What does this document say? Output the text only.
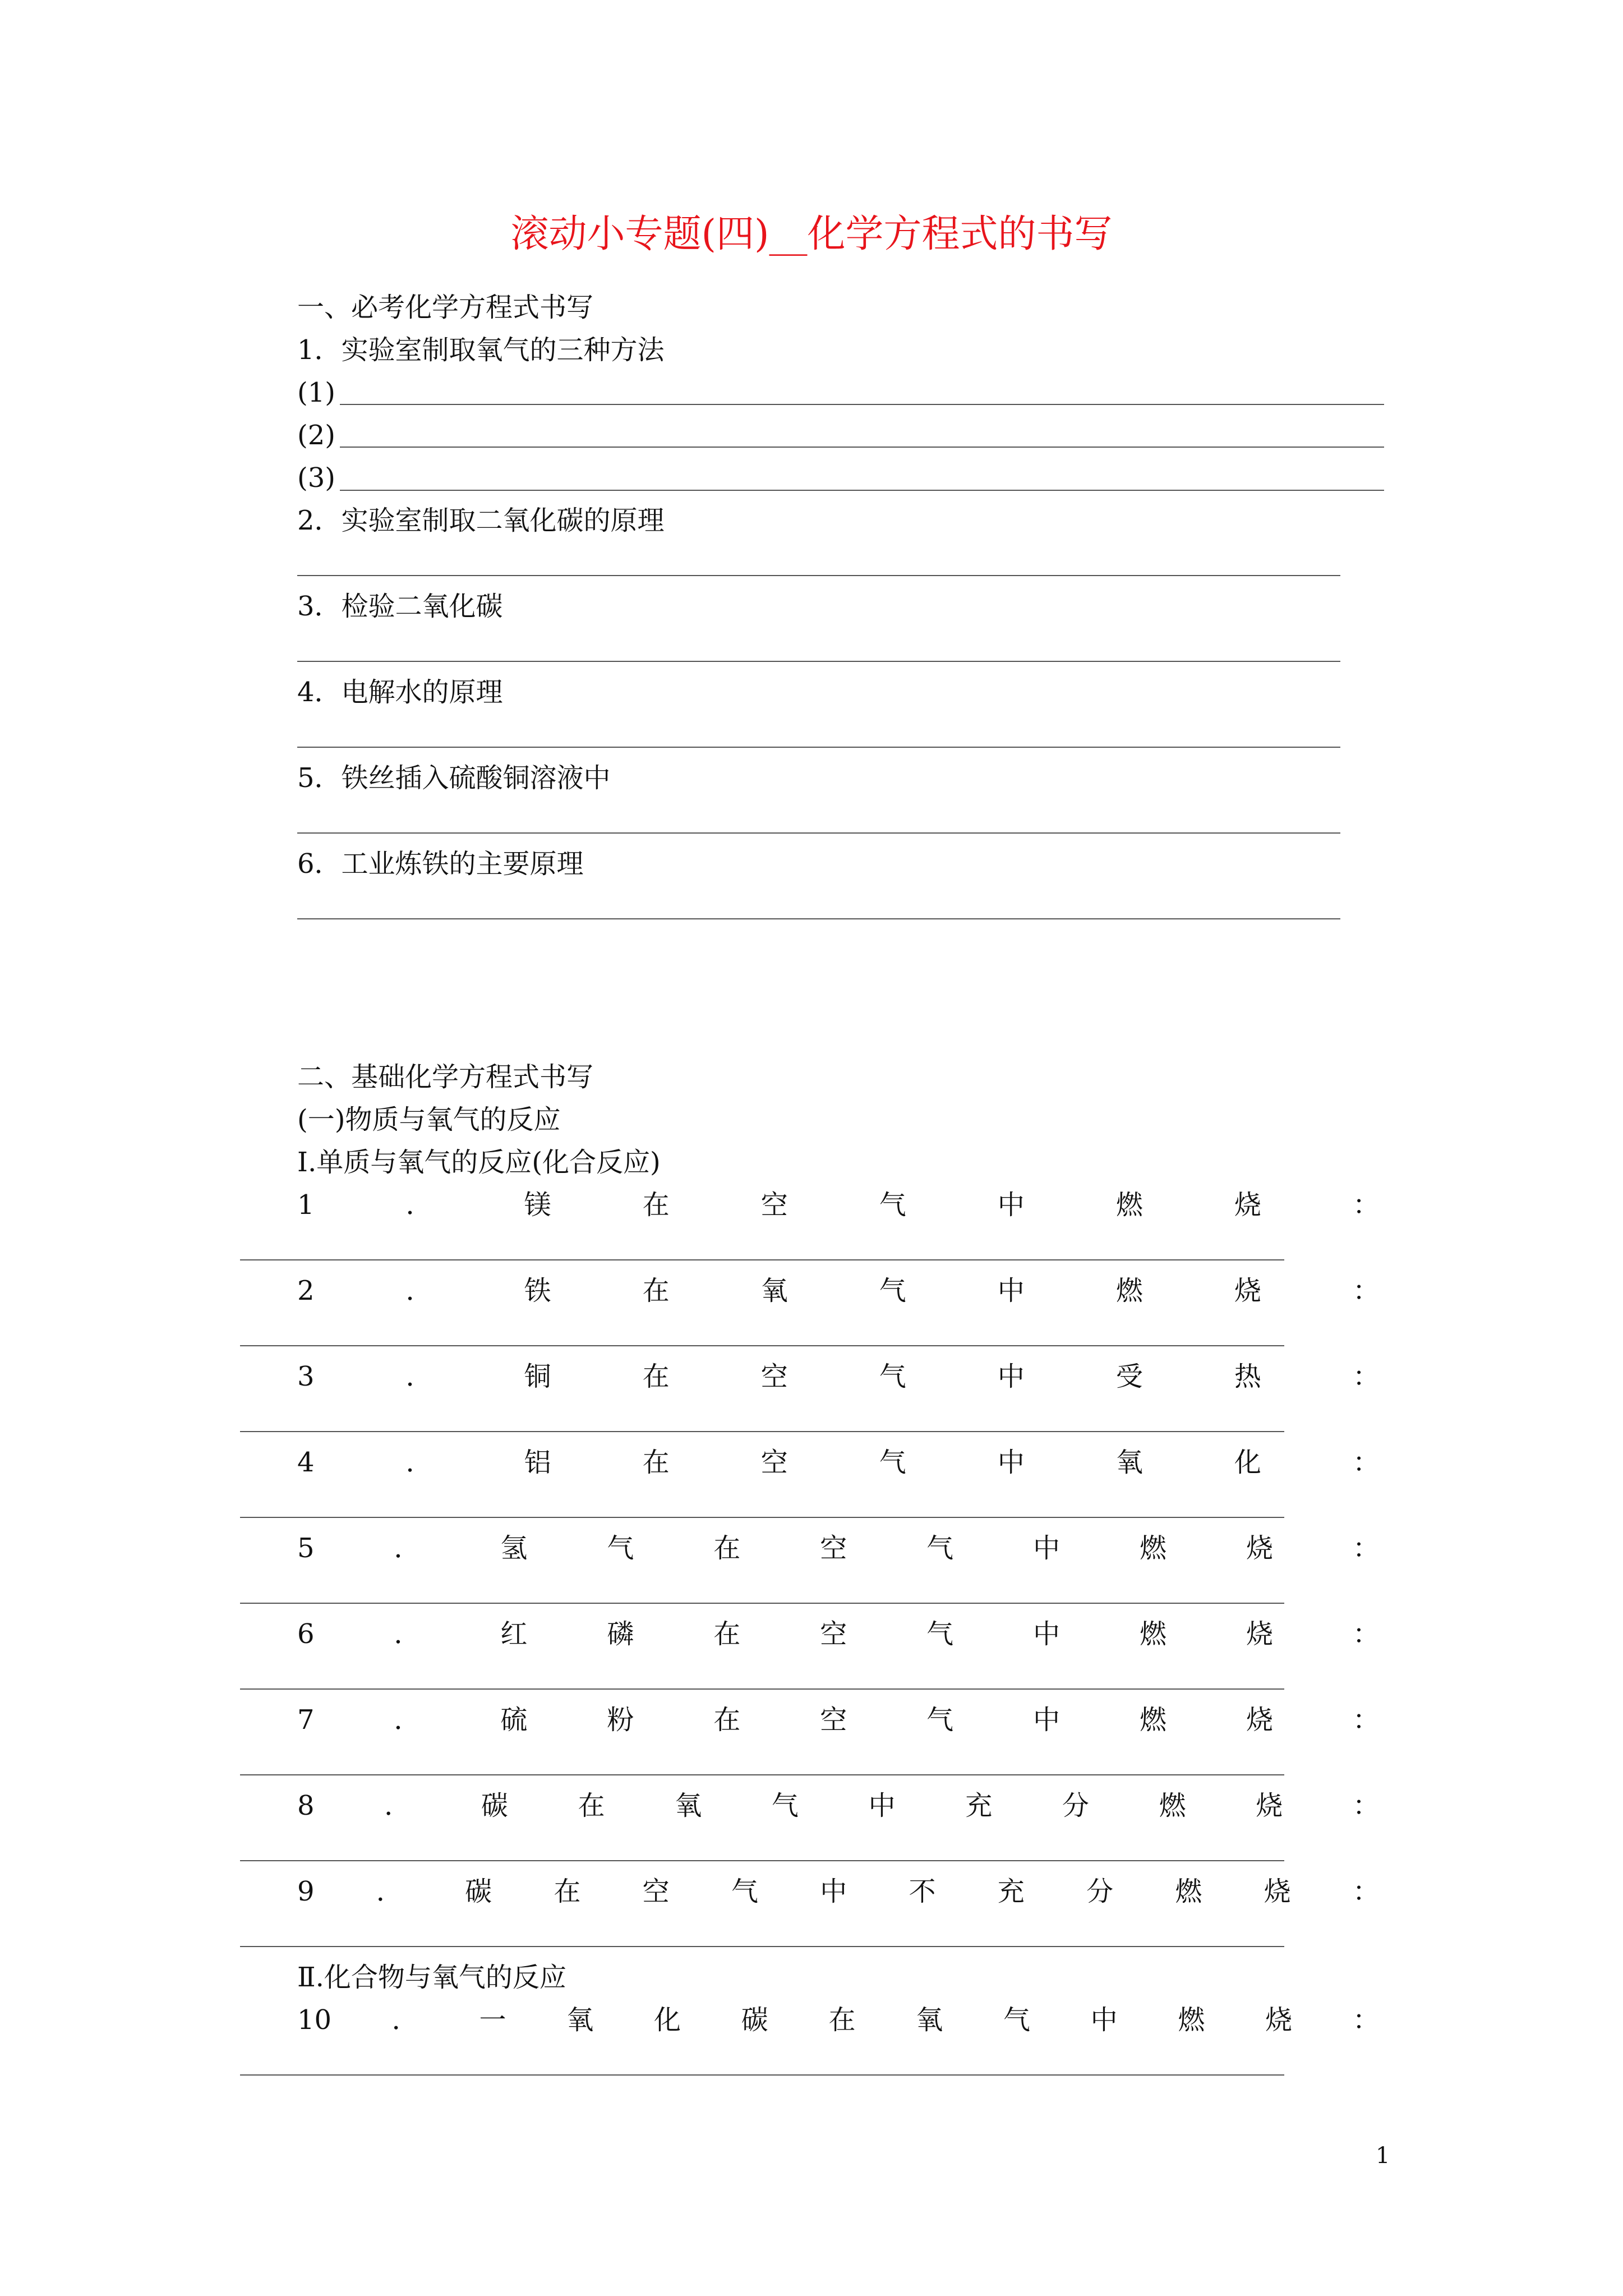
滚动小专题(四)__化学方程式的书写
一、必考化学方程式书写
1．实验室制取氧气的三种方法
(1)
(2)
(3)
2．实验室制取二氧化碳的原理
3．检验二氧化碳
4．电解水的原理
5．铁丝插入硫酸铜溶液中
6．工业炼铁的主要原理
二、基础化学方程式书写
(一)物质与氧气的反应
Ⅰ.单质与氧气的反应(化合反应)
1	．	镁	在	空	气	中	燃	烧	：
2	．	铁	在	氧	气	中	燃	烧	：
3	．	铜	在	空	气	中	受	热	：
4	．	铝	在	空	气	中	氧	化	：
5	．	氢	气	在	空	气	中	燃	烧	：
6	．	红	磷	在	空	气	中	燃	烧	：
7	．	硫	粉	在	空	气	中	燃	烧	：
8	．	碳	在	氧	气	中	充	分	燃	烧	：
9 ． 碳 在 空 气 中 不 充 分 燃 烧 ：
Ⅱ.化合物与氧气的反应
10 ． 一 氧 化 碳 在 氧 气 中 燃 烧 ：
1
